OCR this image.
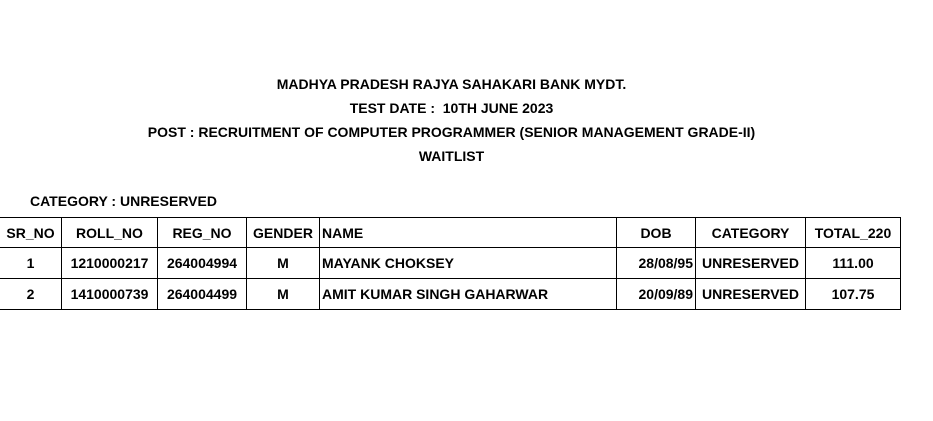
MADHYA PRADESH RAJYA SAHAKARI BANK MYDT.
TEST DATE :  10TH JUNE 2023
POST : RECRUITMENT OF COMPUTER PROGRAMMER (SENIOR MANAGEMENT GRADE-II)
WAITLIST
CATEGORY : UNRESERVED
SR_NO	ROLL_NO	REG_NO	GENDER	NAME	DOB	CATEGORY	TOTAL_220
1	1210000217	264004994	M	MAYANK CHOKSEY	28/08/95	UNRESERVED	111.00
2	1410000739	264004499	M	AMIT KUMAR SINGH GAHARWAR	20/09/89	UNRESERVED	107.75
